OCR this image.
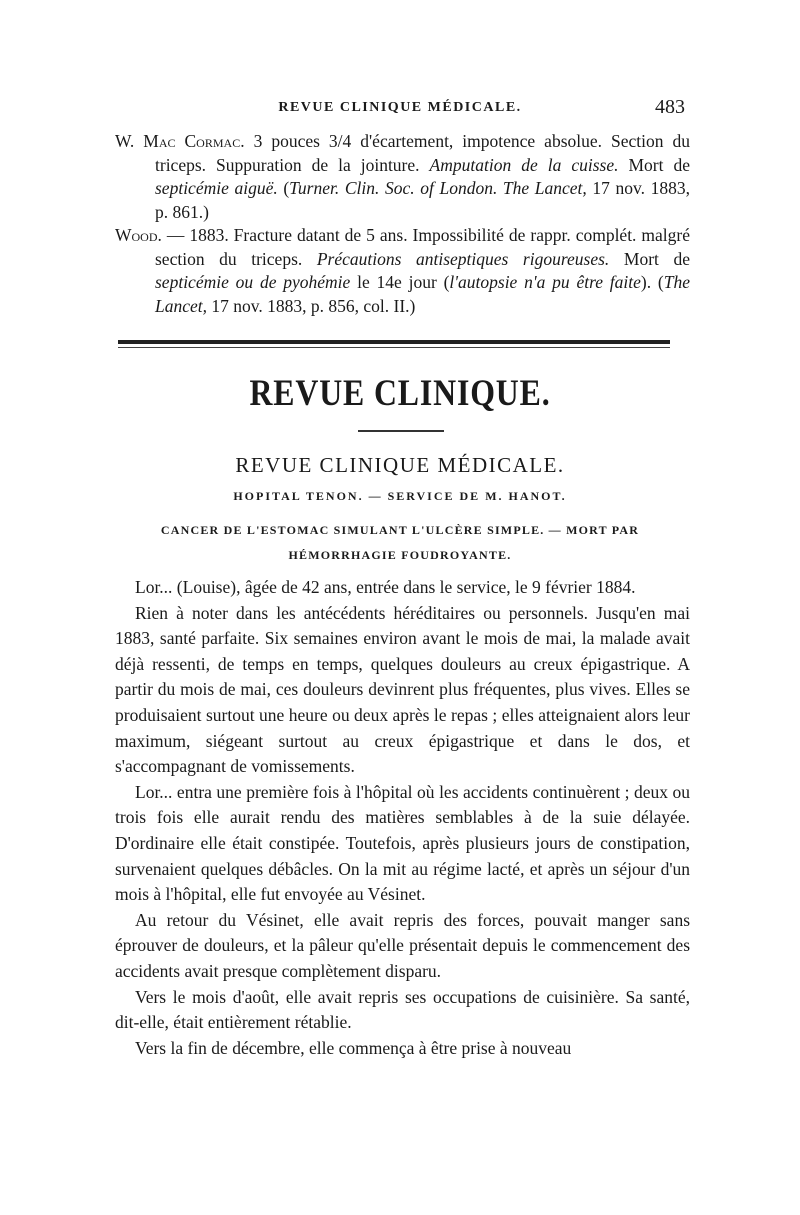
REVUE CLINIQUE MÉDICALE.	483

W. Mac Cormac. 3 pouces 3/4 d'écartement, impotence absolue. Section du triceps. Suppuration de la jointure. Amputation de la cuisse. Mort de septicémie aiguë. (Turner. Clin. Soc. of London. The Lancet, 17 nov. 1883, p. 861.)

Wood. — 1883. Fracture datant de 5 ans. Impossibilité de rappr. complét. malgré section du triceps. Précautions antiseptiques rigoureuses. Mort de septicémie ou de pyohémie le 14e jour (l'autopsie n'a pu être faite). (The Lancet, 17 nov. 1883, p. 856, col. II.)

REVUE CLINIQUE.
REVUE CLINIQUE MÉDICALE.
HOPITAL TENON. — SERVICE DE M. HANOT.
CANCER DE L'ESTOMAC SIMULANT L'ULCÈRE SIMPLE. — MORT PAR HÉMORRHAGIE FOUDROYANTE.

Lor... (Louise), âgée de 42 ans, entrée dans le service, le 9 février 1884.

Rien à noter dans les antécédents héréditaires ou personnels. Jusqu'en mai 1883, santé parfaite. Six semaines environ avant le mois de mai, la malade avait déjà ressenti, de temps en temps, quelques douleurs au creux épigastrique. A partir du mois de mai, ces douleurs devinrent plus fréquentes, plus vives. Elles se produisaient surtout une heure ou deux après le repas ; elles atteignaient alors leur maximum, siégeant surtout au creux épigastrique et dans le dos, et s'accompagnant de vomissements.

Lor... entra une première fois à l'hôpital où les accidents continuèrent ; deux ou trois fois elle aurait rendu des matières semblables à de la suie délayée. D'ordinaire elle était constipée. Toutefois, après plusieurs jours de constipation, survenaient quelques débâcles. On la mit au régime lacté, et après un séjour d'un mois à l'hôpital, elle fut envoyée au Vésinet.

Au retour du Vésinet, elle avait repris des forces, pouvait manger sans éprouver de douleurs, et la pâleur qu'elle présentait depuis le commencement des accidents avait presque complètement disparu.

Vers le mois d'août, elle avait repris ses occupations de cuisinière. Sa santé, dit-elle, était entièrement rétablie.

Vers la fin de décembre, elle commença à être prise à nouveau
